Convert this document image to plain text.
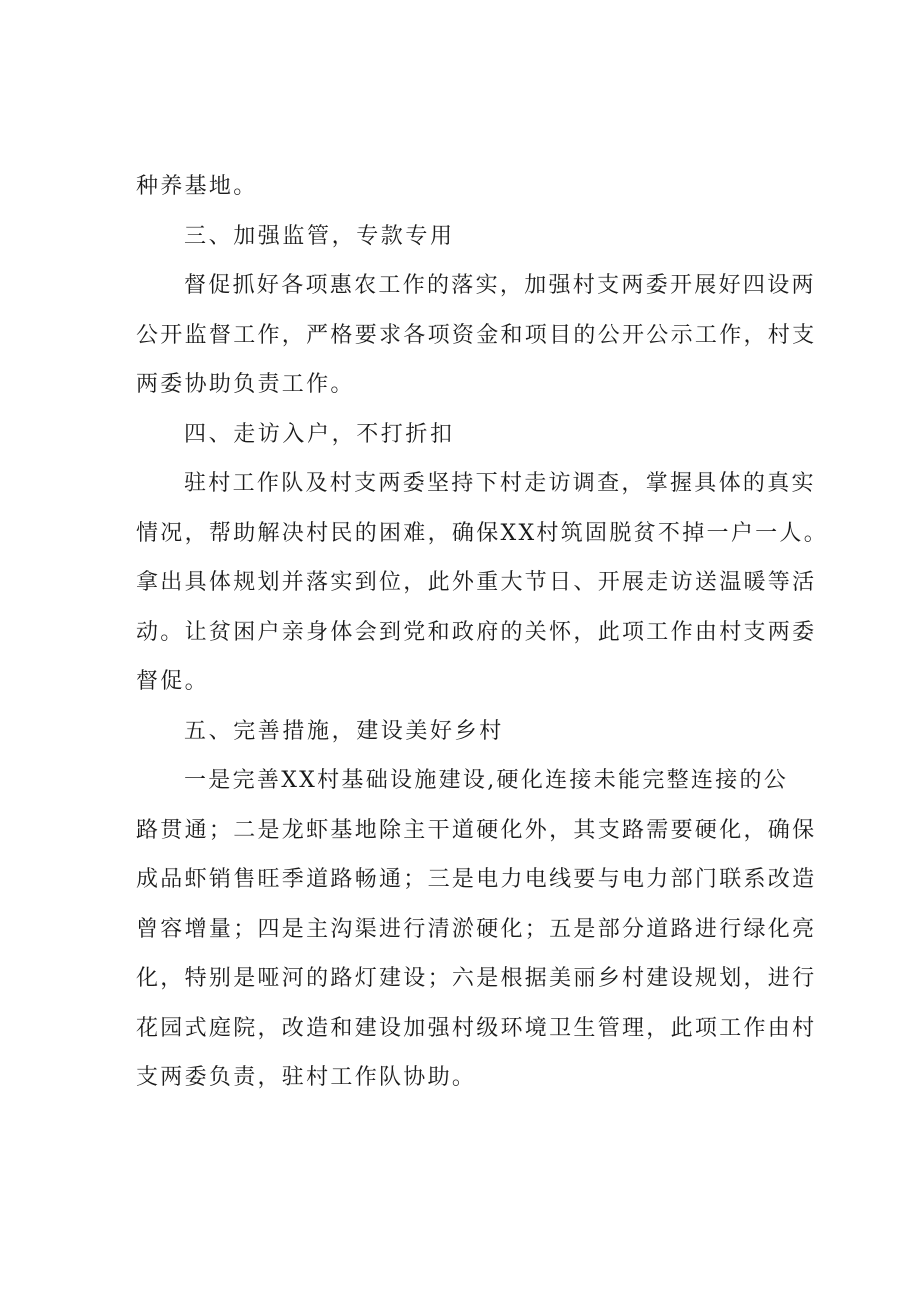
种养基地。
三、加强监管，专款专用
督促抓好各项惠农工作的落实，加强村支两委开展好四设两
公开监督工作，严格要求各项资金和项目的公开公示工作，村支
两委协助负责工作。
四、走访入户，不打折扣
驻村工作队及村支两委坚持下村走访调查，掌握具体的真实
情况，帮助解决村民的困难，确保XX村筑固脱贫不掉一户一人。
拿出具体规划并落实到位，此外重大节日、开展走访送温暖等活
动。让贫困户亲身体会到党和政府的关怀，此项工作由村支两委
督促。
五、完善措施，建设美好乡村
一是完善XX村基础设施建设,硬化连接未能完整连接的公
路贯通；二是龙虾基地除主干道硬化外，其支路需要硬化，确保
成品虾销售旺季道路畅通；三是电力电线要与电力部门联系改造
曾容增量；四是主沟渠进行清淤硬化；五是部分道路进行绿化亮
化，特别是哑河的路灯建设；六是根据美丽乡村建设规划，进行
花园式庭院，改造和建设加强村级环境卫生管理，此项工作由村
支两委负责，驻村工作队协助。
